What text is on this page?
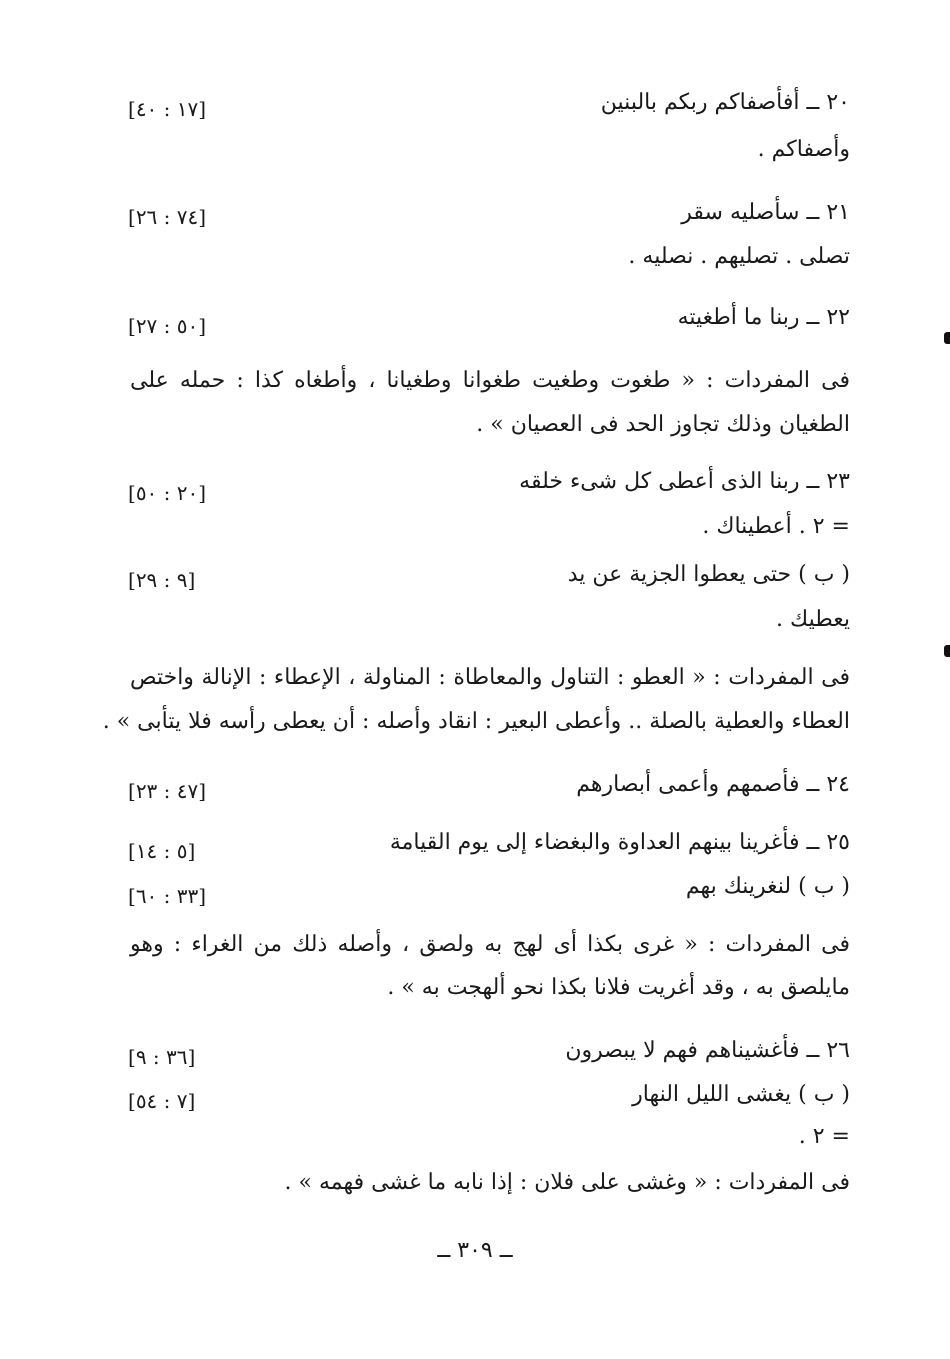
٢٠ ــ أفأصفاكم ربكم بالبنين
[١٧ : ٤٠]
وأصفاكم .
٢١ ــ سأصليه سقر
[٧٤ : ٢٦]
تصلى . تصليهم . نصليه .
٢٢ ــ ربنا ما أطغيته
[٥٠ : ٢٧]
فى المفردات : « طغوت وطغيت طغوانا وطغيانا ، وأطغاه كذا : حمله على
الطغيان وذلك تجاوز الحد فى العصيان » .
٢٣ ــ ربنا الذى أعطى كل شىء خلقه
[٢٠ : ٥٠]
= ٢ . أعطيناك .
( ب ) حتى يعطوا الجزية عن يد
[٩ : ٢٩]
يعطيك .
فى المفردات : « العطو : التناول والمعاطاة : المناولة ، الإعطاء : الإنالة واختص
العطاء والعطية بالصلة .. وأعطى البعير : انقاد وأصله : أن يعطى رأسه فلا يتأبى » .
٢٤ ــ فأصمهم وأعمى أبصارهم
[٤٧ : ٢٣]
٢٥ ــ فأغرينا بينهم العداوة والبغضاء إلى يوم القيامة
[٥ : ١٤]
( ب ) لنغرينك بهم
[٣٣ : ٦٠]
فى المفردات : « غرى بكذا أى لهج به ولصق ، وأصله ذلك من الغراء : وهو
مايلصق به ، وقد أغريت فلانا بكذا نحو ألهجت به » .
٢٦ ــ فأغشيناهم فهم لا يبصرون
[٣٦ : ٩]
( ب ) يغشى الليل النهار
[٧ : ٥٤]
= ٢ .
فى المفردات : « وغشى على فلان : إذا نابه ما غشى فهمه » .
ــ ٣٠٩ ــ
